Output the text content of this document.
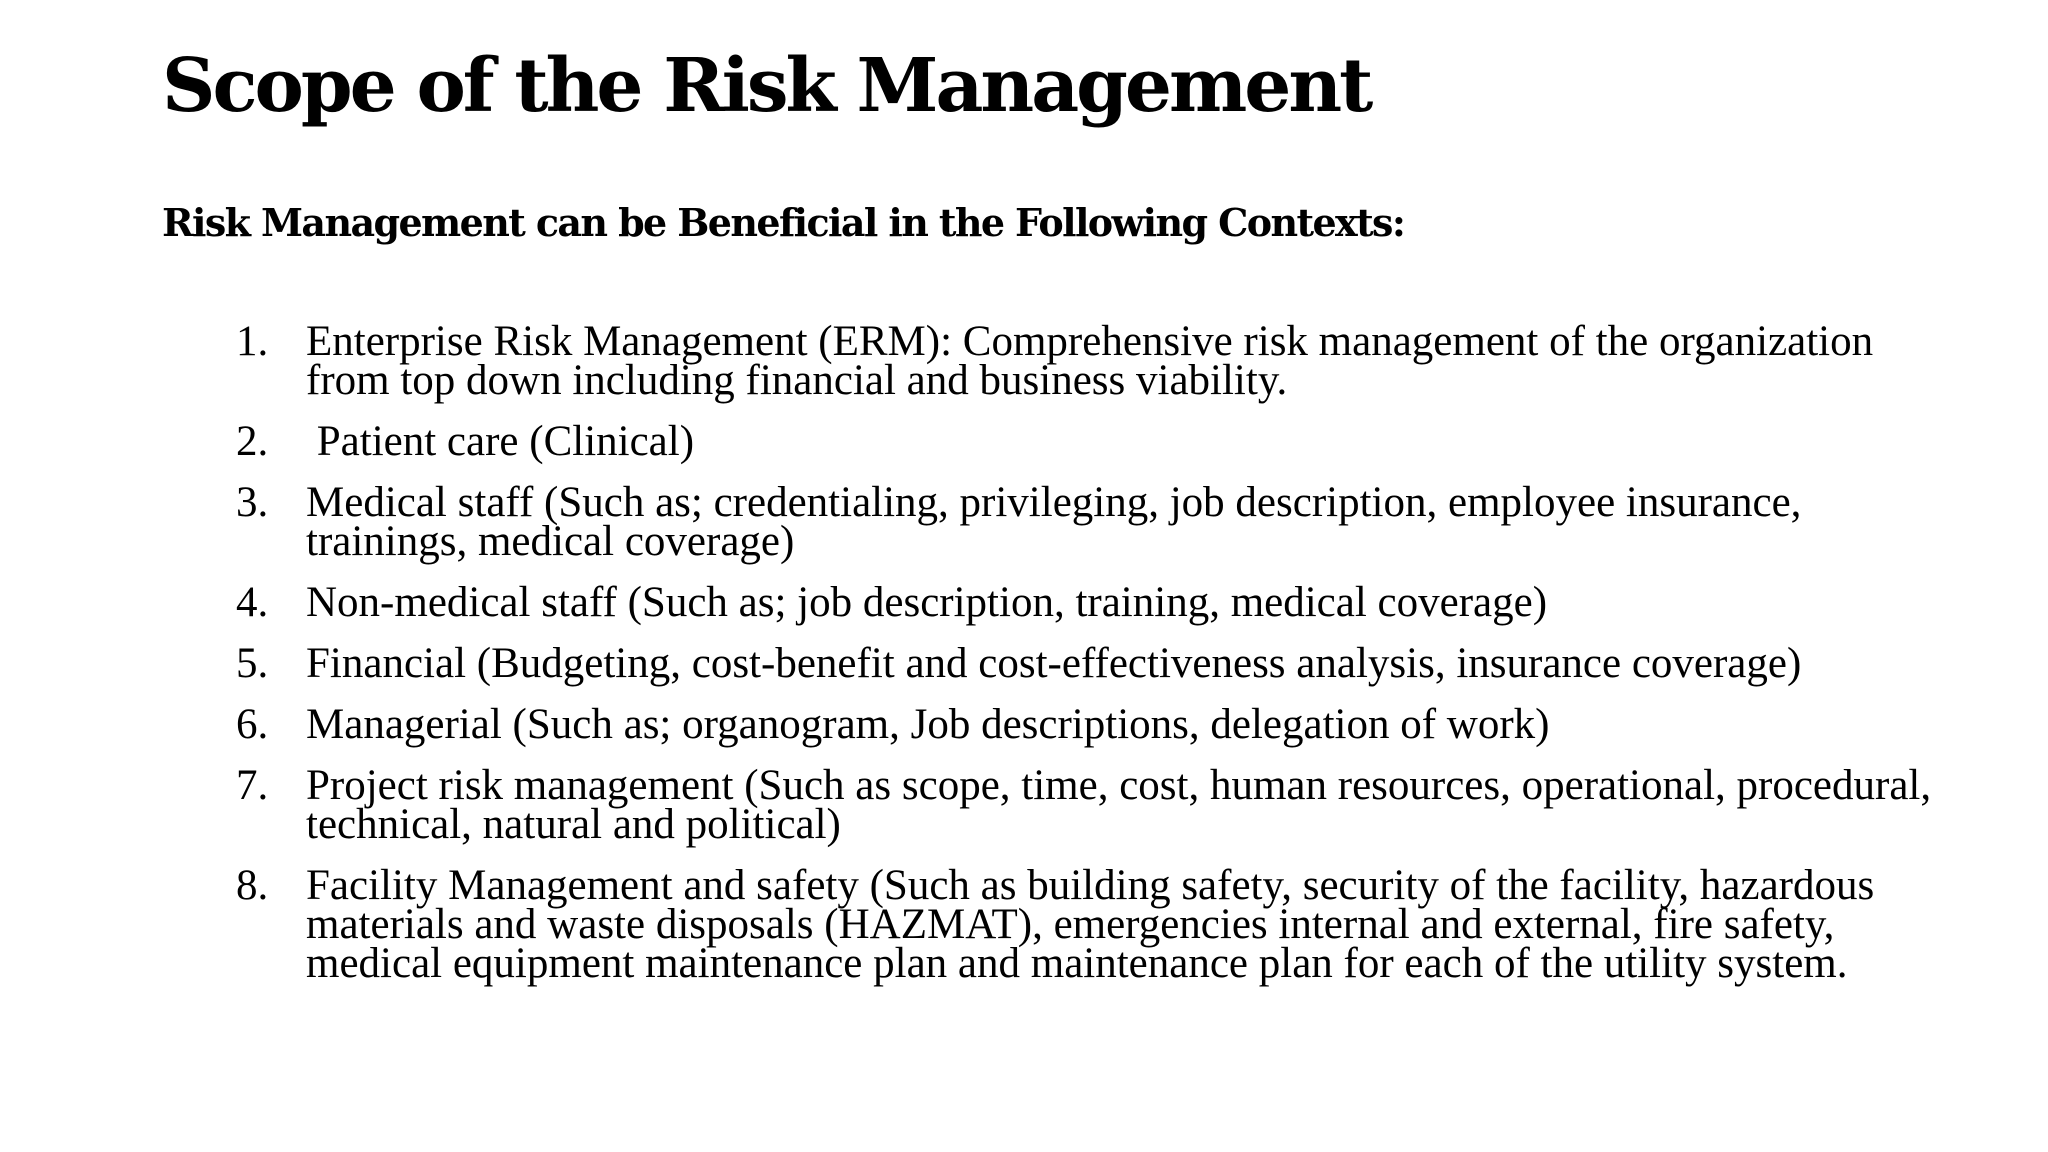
Scope of the Risk Management
Risk Management can be Beneficial in the Following Contexts:
1. Enterprise Risk Management (ERM): Comprehensive risk management of the organization from top down including financial and business viability.
2. Patient care (Clinical)
3. Medical staff (Such as; credentialing, privileging, job description, employee insurance, trainings, medical coverage)
4. Non-medical staff (Such as; job description, training, medical coverage)
5. Financial (Budgeting, cost-benefit and cost-effectiveness analysis, insurance coverage)
6. Managerial (Such as; organogram, Job descriptions, delegation of work)
7. Project risk management (Such as scope, time, cost, human resources, operational, procedural, technical, natural and political)
8. Facility Management and safety (Such as building safety, security of the facility, hazardous materials and waste disposals (HAZMAT), emergencies internal and external, fire safety, medical equipment maintenance plan and maintenance plan for each of the utility system.
